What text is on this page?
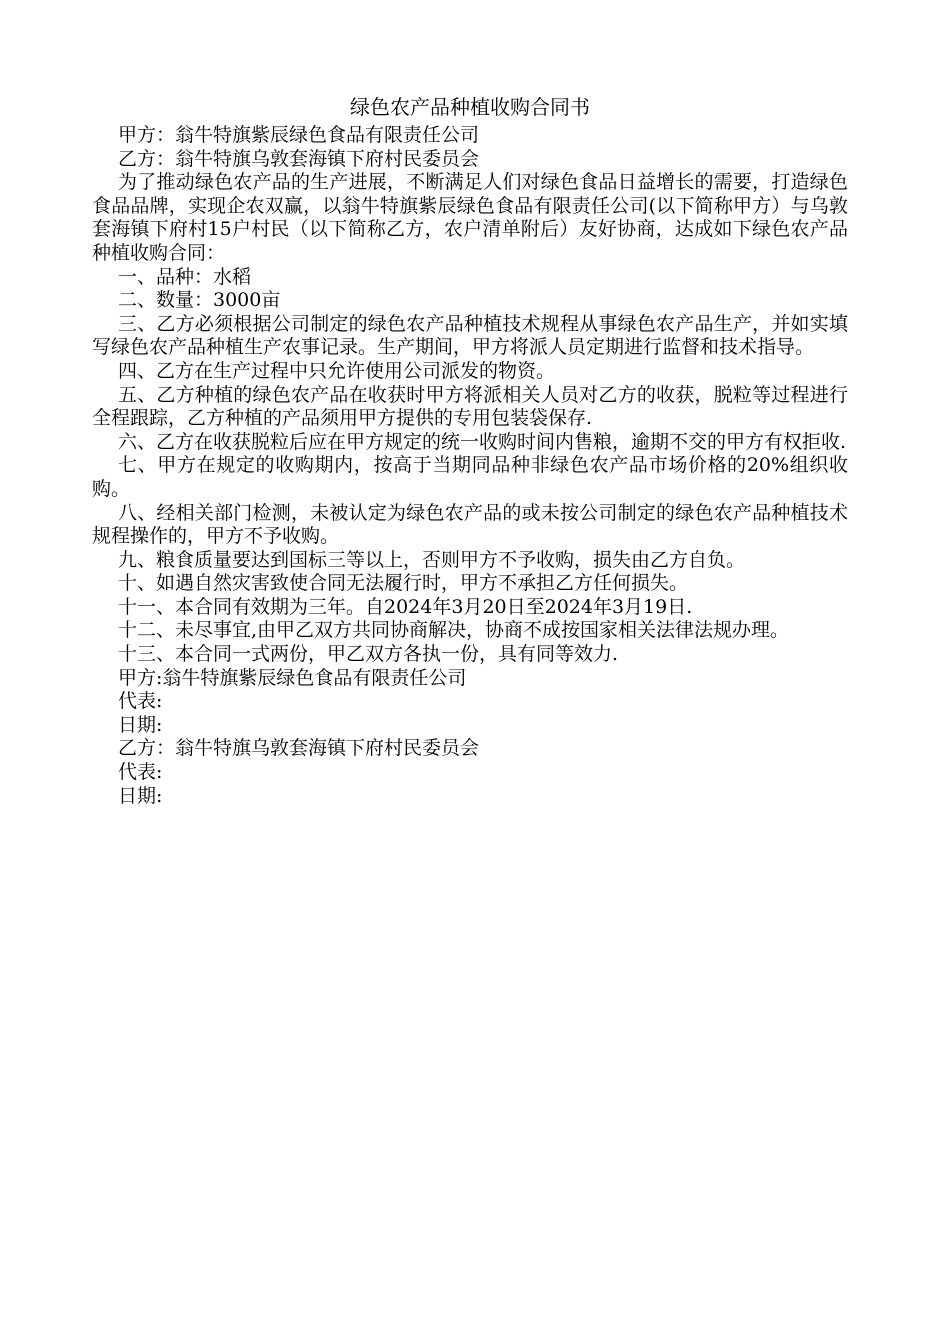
绿色农产品种植收购合同书

甲方：翁牛特旗紫辰绿色食品有限责任公司

乙方：翁牛特旗乌敦套海镇下府村民委员会

为了推动绿色农产品的生产进展，不断满足人们对绿色食品日益增长的需要，打造绿色食品品牌，实现企农双赢，以翁牛特旗紫辰绿色食品有限责任公司(以下简称甲方）与乌敦套海镇下府村15户村民（以下简称乙方，农户清单附后）友好协商，达成如下绿色农产品种植收购合同：

一、品种：水稻

二、数量：3000亩

三、乙方必须根据公司制定的绿色农产品种植技术规程从事绿色农产品生产，并如实填写绿色农产品种植生产农事记录。生产期间，甲方将派人员定期进行监督和技术指导。

四、乙方在生产过程中只允许使用公司派发的物资。

五、乙方种植的绿色农产品在收获时甲方将派相关人员对乙方的收获，脱粒等过程进行全程跟踪，乙方种植的产品须用甲方提供的专用包装袋保存.

六、乙方在收获脱粒后应在甲方规定的统一收购时间内售粮，逾期不交的甲方有权拒收.

七、甲方在规定的收购期内，按高于当期同品种非绿色农产品市场价格的20%组织收购。

八、经相关部门检测，未被认定为绿色农产品的或未按公司制定的绿色农产品种植技术规程操作的，甲方不予收购。

九、粮食质量要达到国标三等以上，否则甲方不予收购，损失由乙方自负。

十、如遇自然灾害致使合同无法履行时，甲方不承担乙方任何损失。

十一、本合同有效期为三年。自2024年3月20日至2024年3月19日.

十二、未尽事宜,由甲乙双方共同协商解决，协商不成按国家相关法律法规办理。

十三、本合同一式两份，甲乙双方各执一份，具有同等效力.

甲方:翁牛特旗紫辰绿色食品有限责任公司

代表:

日期:

乙方：翁牛特旗乌敦套海镇下府村民委员会

代表:

日期:
